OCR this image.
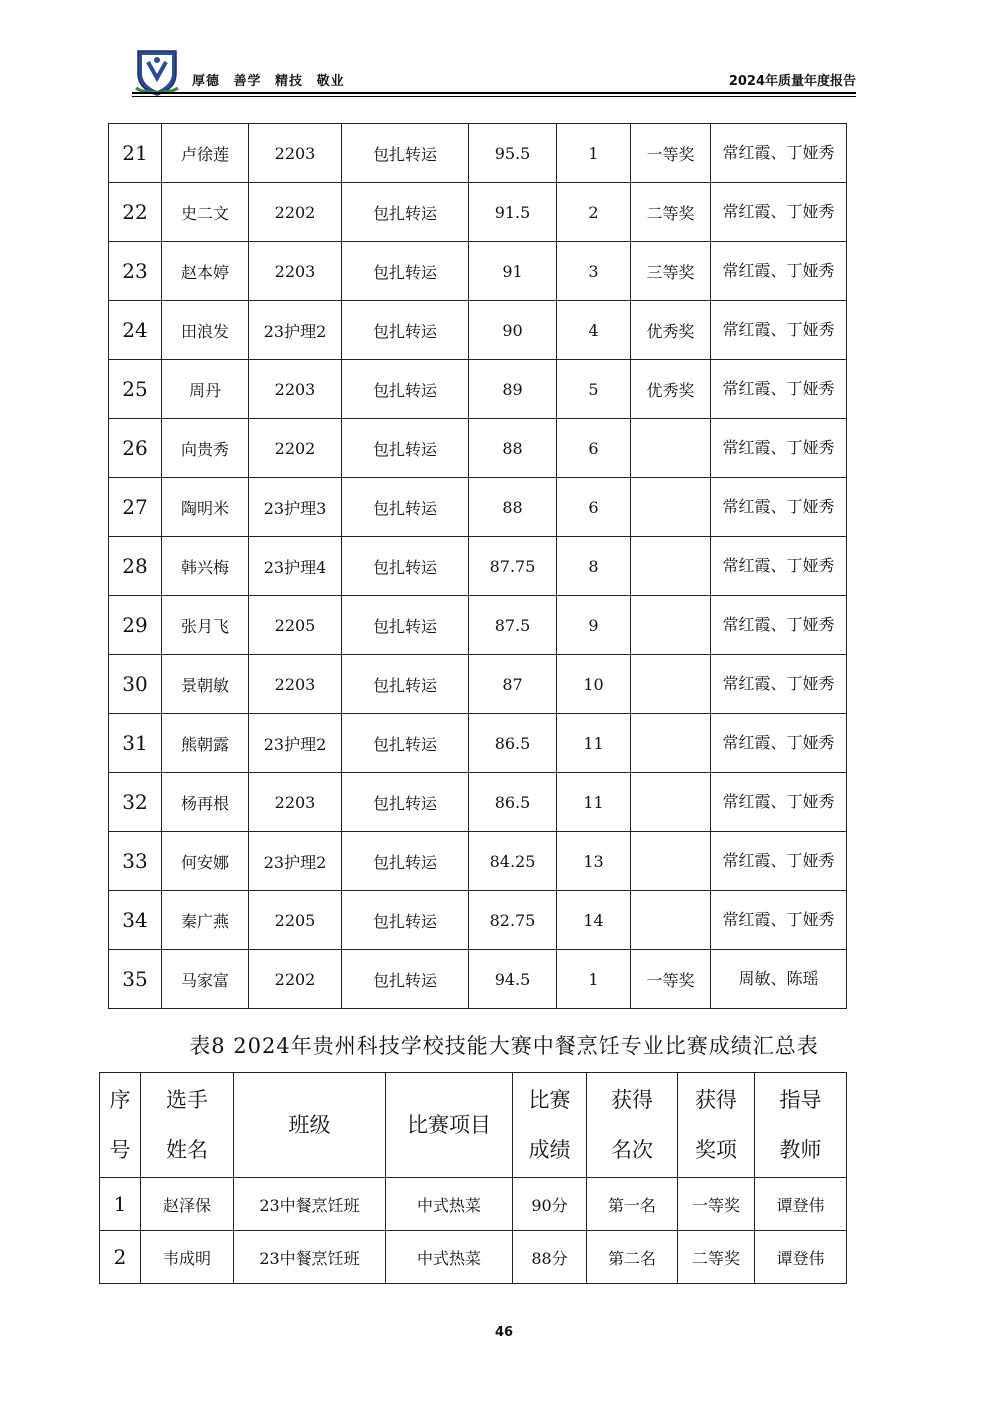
厚德 善学 精技 敬业	2024年质量年度报告
21	卢徐莲	2203	包扎转运	95.5	1	一等奖	常红霞、丁娅秀
22	史二文	2202	包扎转运	91.5	2	二等奖	常红霞、丁娅秀
23	赵本婷	2203	包扎转运	91	3	三等奖	常红霞、丁娅秀
24	田浪发	23护理2	包扎转运	90	4	优秀奖	常红霞、丁娅秀
25	周丹	2203	包扎转运	89	5	优秀奖	常红霞、丁娅秀
26	向贵秀	2202	包扎转运	88	6		常红霞、丁娅秀
27	陶明米	23护理3	包扎转运	88	6		常红霞、丁娅秀
28	韩兴梅	23护理4	包扎转运	87.75	8		常红霞、丁娅秀
29	张月飞	2205	包扎转运	87.5	9		常红霞、丁娅秀
30	景朝敏	2203	包扎转运	87	10		常红霞、丁娅秀
31	熊朝露	23护理2	包扎转运	86.5	11		常红霞、丁娅秀
32	杨再根	2203	包扎转运	86.5	11		常红霞、丁娅秀
33	何安娜	23护理2	包扎转运	84.25	13		常红霞、丁娅秀
34	秦广燕	2205	包扎转运	82.75	14		常红霞、丁娅秀
35	马家富	2202	包扎转运	94.5	1	一等奖	周敏、陈瑶
表8 2024年贵州科技学校技能大赛中餐烹饪专业比赛成绩汇总表
序号	选手姓名	班级	比赛项目	比赛成绩	获得名次	获得奖项	指导教师
1	赵泽保	23中餐烹饪班	中式热菜	90分	第一名	一等奖	谭登伟
2	韦成明	23中餐烹饪班	中式热菜	88分	第二名	二等奖	谭登伟
46
